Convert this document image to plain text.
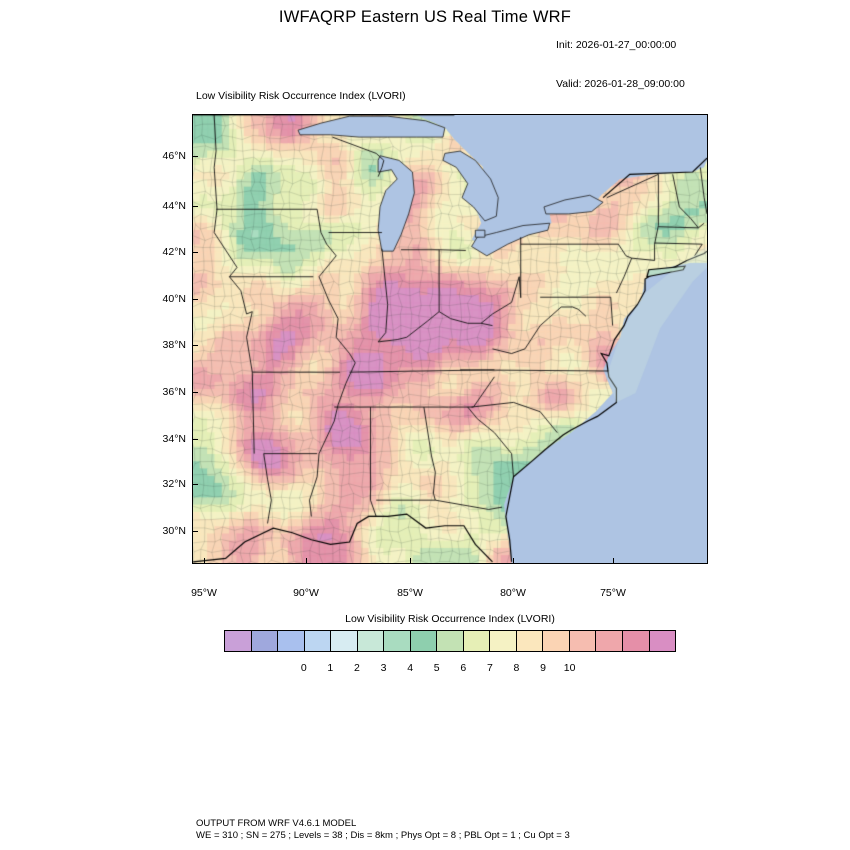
IWFAQRP Eastern US Real Time WRF

Init: 2026-01-27_00:00:00

Valid: 2026-01-28_09:00:00

Low Visibility Risk Occurrence Index (LVORI)
46°N
44°N
42°N
40°N
38°N
36°N
34°N
32°N
30°N
95°W	90°W	85°W	80°W	75°W
Low Visibility Risk Occurrence Index (LVORI)
0 1 2 3 4 5 6 7 8 9 10
OUTPUT FROM WRF V4.6.1 MODEL
WE = 310 ; SN = 275 ; Levels = 38 ; Dis = 8km ; Phys Opt = 8 ; PBL Opt = 1 ; Cu Opt = 3
